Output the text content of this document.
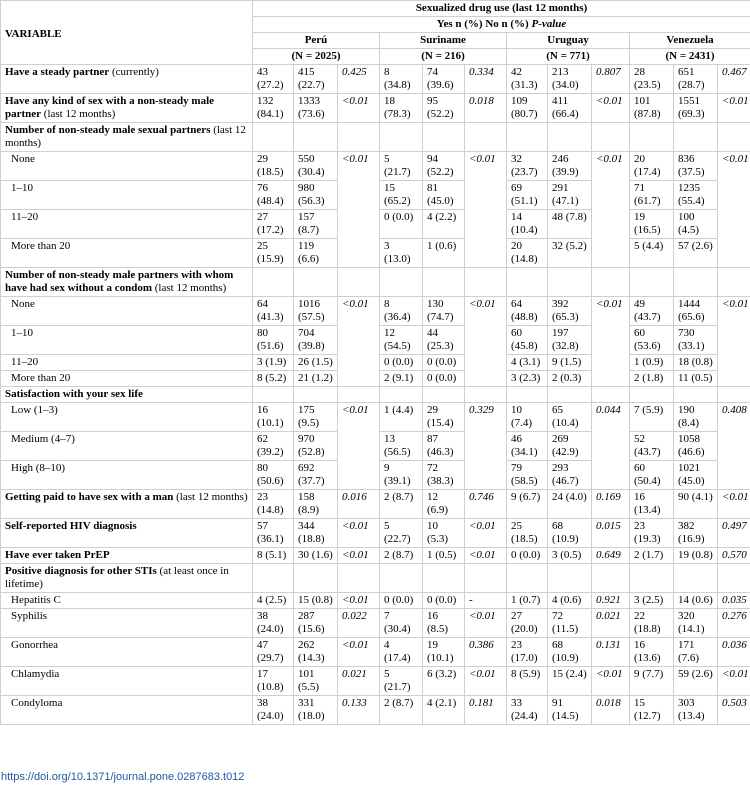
VARIABLE	Sexualized drug use (last 12 months)											
	Yes n (%) No n (%) P-value											
	Perú			Suriname			Uruguay			Venezuela		
	(N = 2025)			(N = 216)			(N = 771)			(N = 2431)		
Have a steady partner (currently)	43 (27.2)	415 (22.7)	0.425	8 (34.8)	74 (39.6)	0.334	42 (31.3)	213 (34.0)	0.807	28 (23.5)	651 (28.7)	0.467
Have any kind of sex with a non-steady male partner (last 12 months)	132 (84.1)	1333 (73.6)	<0.01	18 (78.3)	95 (52.2)	0.018	109 (80.7)	411 (66.4)	<0.01	101 (87.8)	1551 (69.3)	<0.01
Number of non-steady male sexual partners (last 12 months)												
None	29 (18.5)	550 (30.4)	<0.01	5 (21.7)	94 (52.2)	<0.01	32 (23.7)	246 (39.9)	<0.01	20 (17.4)	836 (37.5)	<0.01
1–10	76 (48.4)	980 (56.3)		15 (65.2)	81 (45.0)		69 (51.1)	291 (47.1)		71 (61.7)	1235 (55.4)	
11–20	27 (17.2)	157 (8.7)		0 (0.0)	4 (2.2)		14 (10.4)	48 (7.8)		19 (16.5)	100 (4.5)	
More than 20	25 (15.9)	119 (6.6)		3 (13.0)	1 (0.6)		20 (14.8)	32 (5.2)		5 (4.4)	57 (2.6)	
Number of non-steady male partners with whom have had sex without a condom (last 12 months)												
None	64 (41.3)	1016 (57.5)	<0.01	8 (36.4)	130 (74.7)	<0.01	64 (48.8)	392 (65.3)	<0.01	49 (43.7)	1444 (65.6)	<0.01
1–10	80 (51.6)	704 (39.8)		12 (54.5)	44 (25.3)		60 (45.8)	197 (32.8)		60 (53.6)	730 (33.1)	
11–20	3 (1.9)	26 (1.5)		0 (0.0)	0 (0.0)		4 (3.1)	9 (1.5)		1 (0.9)	18 (0.8)	
More than 20	8 (5.2)	21 (1.2)		2 (9.1)	0 (0.0)		3 (2.3)	2 (0.3)		2 (1.8)	11 (0.5)	
Satisfaction with your sex life												
Low (1–3)	16 (10.1)	175 (9.5)	<0.01	1 (4.4)	29 (15.4)	0.329	10 (7.4)	65 (10.4)	0.044	7 (5.9)	190 (8.4)	0.408
Medium (4–7)	62 (39.2)	970 (52.8)		13 (56.5)	87 (46.3)		46 (34.1)	269 (42.9)		52 (43.7)	1058 (46.6)	
High (8–10)	80 (50.6)	692 (37.7)		9 (39.1)	72 (38.3)		79 (58.5)	293 (46.7)		60 (50.4)	1021 (45.0)	
Getting paid to have sex with a man (last 12 months)	23 (14.8)	158 (8.9)	0.016	2 (8.7)	12 (6.9)	0.746	9 (6.7)	24 (4.0)	0.169	16 (13.4)	90 (4.1)	<0.01
Self-reported HIV diagnosis	57 (36.1)	344 (18.8)	<0.01	5 (22.7)	10 (5.3)	<0.01	25 (18.5)	68 (10.9)	0.015	23 (19.3)	382 (16.9)	0.497
Have ever taken PrEP	8 (5.1)	30 (1.6)	<0.01	2 (8.7)	1 (0.5)	<0.01	0 (0.0)	3 (0.5)	0.649	2 (1.7)	19 (0.8)	0.570
Positive diagnosis for other STIs (at least once in lifetime)												
Hepatitis C	4 (2.5)	15 (0.8)	<0.01	0 (0.0)	0 (0.0)	-	1 (0.7)	4 (0.6)	0.921	3 (2.5)	14 (0.6)	0.035
Syphilis	38 (24.0)	287 (15.6)	0.022	7 (30.4)	16 (8.5)	<0.01	27 (20.0)	72 (11.5)	0.021	22 (18.8)	320 (14.1)	0.276
Gonorrhea	47 (29.7)	262 (14.3)	<0.01	4 (17.4)	19 (10.1)	0.386	23 (17.0)	68 (10.9)	0.131	16 (13.6)	171 (7.6)	0.036
Chlamydia	17 (10.8)	101 (5.5)	0.021	5 (21.7)	6 (3.2)	<0.01	8 (5.9)	15 (2.4)	<0.01	9 (7.7)	59 (2.6)	<0.01
Condyloma	38 (24.0)	331 (18.0)	0.133	2 (8.7)	4 (2.1)	0.181	33 (24.4)	91 (14.5)	0.018	15 (12.7)	303 (13.4)	0.503
https://doi.org/10.1371/journal.pone.0287683.t012
